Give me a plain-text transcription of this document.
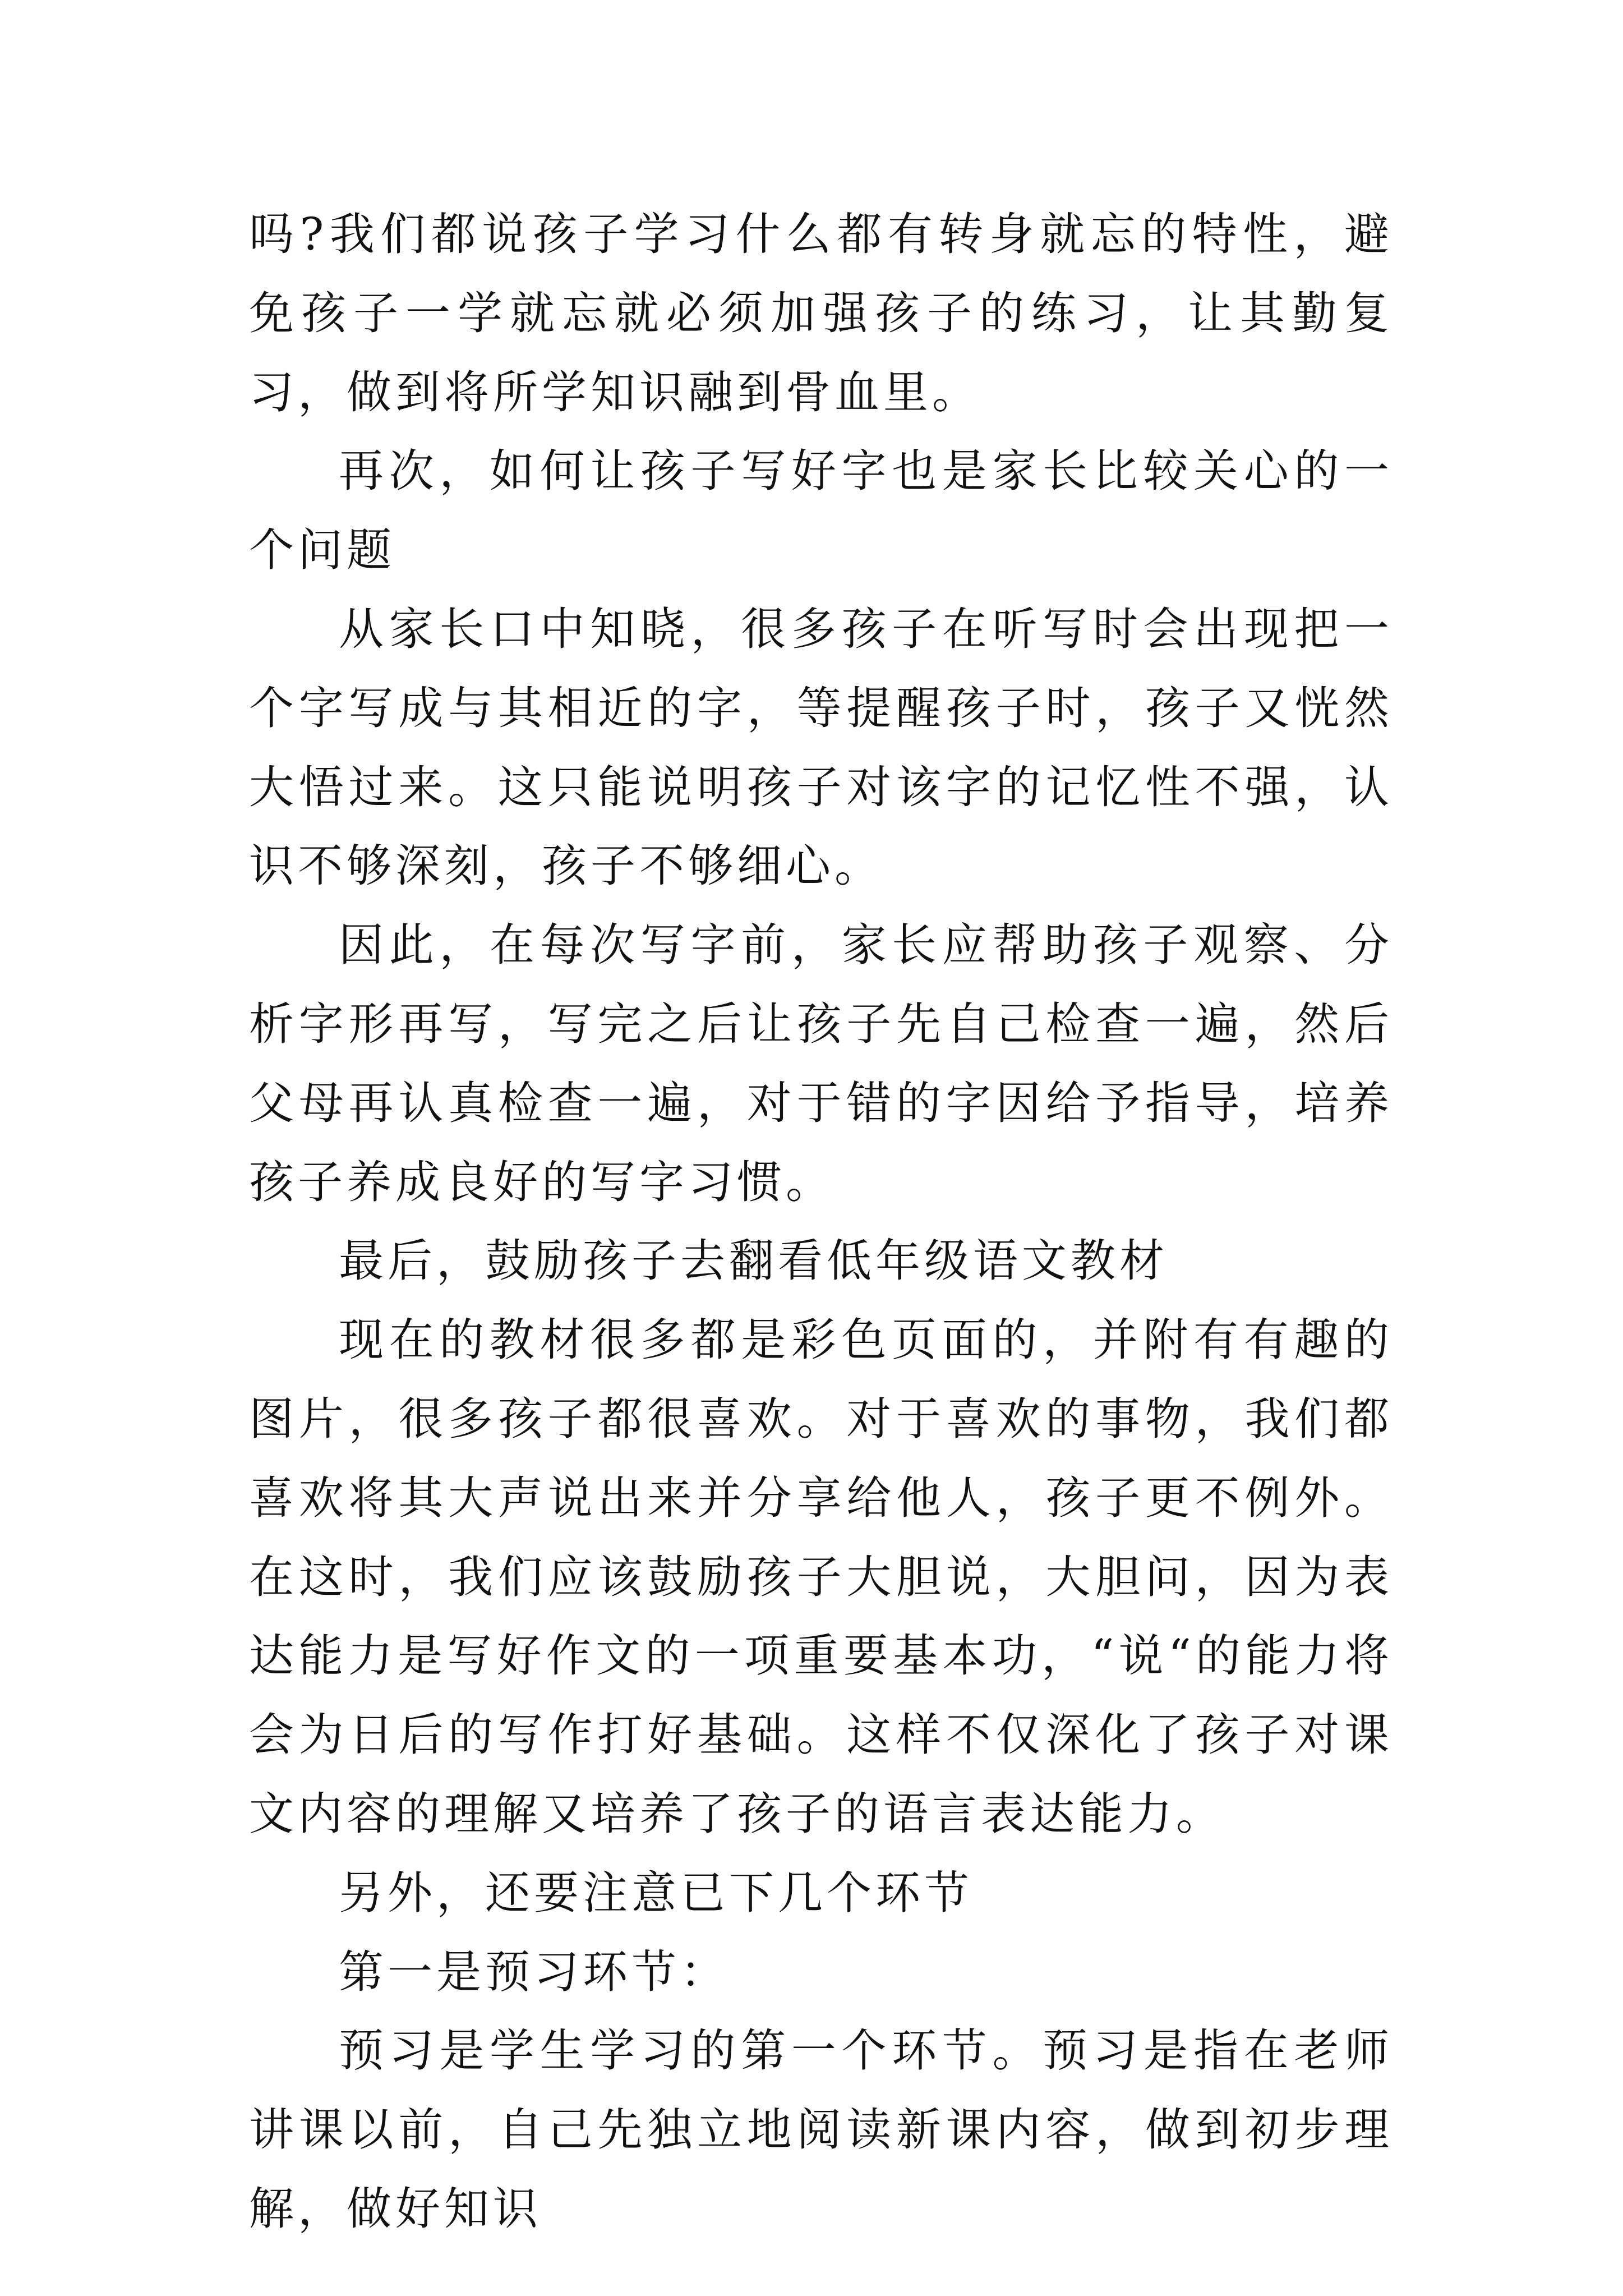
吗?我们都说孩子学习什么都有转身就忘的特性，避免孩子一学就忘就必须加强孩子的练习，让其勤复习，做到将所学知识融到骨血里。

再次，如何让孩子写好字也是家长比较关心的一个问题

从家长口中知晓，很多孩子在听写时会出现把一个字写成与其相近的字，等提醒孩子时，孩子又恍然大悟过来。这只能说明孩子对该字的记忆性不强，认识不够深刻，孩子不够细心。

因此，在每次写字前，家长应帮助孩子观察、分析字形再写，写完之后让孩子先自己检查一遍，然后父母再认真检查一遍，对于错的字因给予指导，培养孩子养成良好的写字习惯。

最后，鼓励孩子去翻看低年级语文教材

现在的教材很多都是彩色页面的，并附有有趣的图片，很多孩子都很喜欢。对于喜欢的事物，我们都喜欢将其大声说出来并分享给他人，孩子更不例外。在这时，我们应该鼓励孩子大胆说，大胆问，因为表达能力是写好作文的一项重要基本功，“说“的能力将会为日后的写作打好基础。这样不仅深化了孩子对课文内容的理解又培养了孩子的语言表达能力。

另外，还要注意已下几个环节

第一是预习环节：

预习是学生学习的第一个环节。预习是指在老师讲课以前，自己先独立地阅读新课内容，做到初步理解，做好知识
